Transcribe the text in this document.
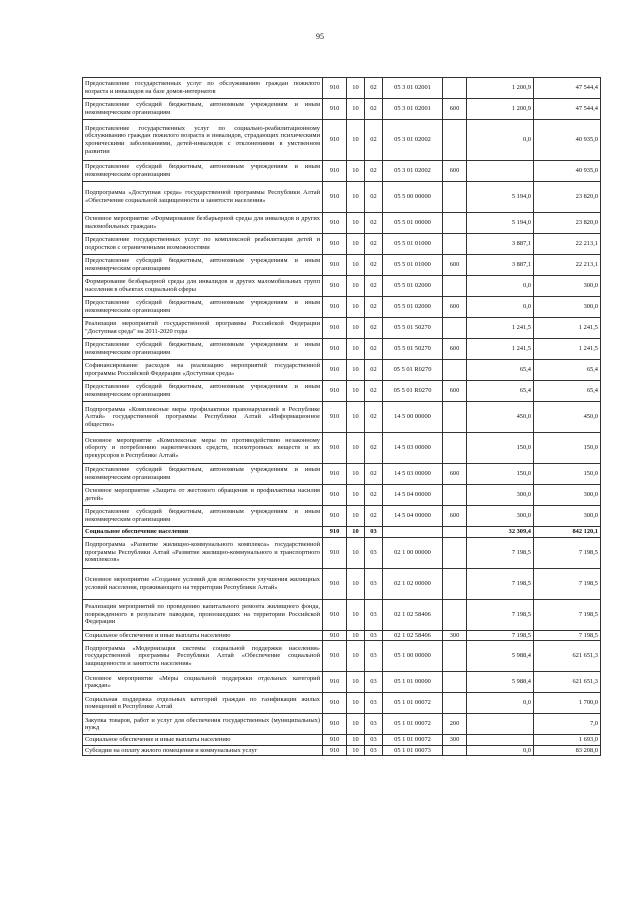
95
Предоставление государственных услуг по обслуживанию граждан пожилого возраста и инвалидов на базе домов-интернатов	910	10	02	05 3 01 02001		1 200,9	47 544,4
Предоставление субсидий бюджетным, автономным учреждениям и иным некоммерческим организациям	910	10	02	05 3 01 02001	600	1 200,9	47 544,4
Предоставление государственных услуг по социально-реабилитационному обслуживанию граждан пожилого возраста и инвалидов, страдающих психическими хроническими заболеваниями, детей-инвалидов с отклонениями в умственном развитии	910	10	02	05 3 01 02002		0,0	40 935,0
Предоставление субсидий бюджетным, автономным учреждениям и иным некоммерческим организациям	910	10	02	05 3 01 02002	600		40 935,0
Подпрограмма «Доступная среда» государственной программы Республики Алтай «Обеспечение социальной защищенности и занятости населения»	910	10	02	05 5 00 00000		5 194,0	23 820,0
Основное мероприятие «Формирование безбарьерной среды для инвалидов и других маломобильных граждан»	910	10	02	05 5 01 00000		5 194,0	23 820,0
Предоставление государственных услуг по комплексной реабилитации детей и подростков с ограниченными возможностями	910	10	02	05 5 01 01000		3 887,1	22 213,1
Предоставление субсидий бюджетным, автономным учреждениям и иным некоммерческим организациям	910	10	02	05 5 01 01000	600	3 887,1	22 213,1
Формирование безбарьерной среды для инвалидов и других маломобильных групп населения в объектах социальной сферы	910	10	02	05 5 01 02000		0,0	300,0
Предоставление субсидий бюджетным, автономным учреждениям и иным некоммерческим организациям	910	10	02	05 5 01 02000	600	0,0	300,0
Реализация мероприятий государственной программы Российской Федерации "Доступная среда" на 2011-2020 годы	910	10	02	05 5 01 50270		1 241,5	1 241,5
Предоставление субсидий бюджетным, автономным учреждениям и иным некоммерческим организациям	910	10	02	05 5 01 50270	600	1 241,5	1 241,5
Софинансирование расходов на реализацию мероприятий государственной программы Российской Федерации «Доступная среда»	910	10	02	05 5 01 R0270		65,4	65,4
Предоставление субсидий бюджетным, автономным учреждениям и иным некоммерческим организациям	910	10	02	05 5 01 R0270	600	65,4	65,4
Подпрограмма «Комплексные меры профилактики правонарушений в Республике Алтай» государственной программы Республики Алтай «Информационное общество»	910	10	02	14 5 00 00000		450,0	450,0
Основное мероприятие «Комплексные меры по противодействию незаконному обороту и потреблению наркотических средств, психотропных веществ и их прекурсоров в Республике Алтай»	910	10	02	14 5 03 00000		150,0	150,0
Предоставление субсидий бюджетным, автономным учреждениям и иным некоммерческим организациям	910	10	02	14 5 03 00000	600	150,0	150,0
Основное мероприятие «Защита от жестокого обращения и профилактика насилия детей»	910	10	02	14 5 04 00000		300,0	300,0
Предоставление субсидий бюджетным, автономным учреждениям и иным некоммерческим организациям	910	10	02	14 5 04 00000	600	300,0	300,0
Социальное обеспечение населения	910	10	03			32 309,4	842 120,1
Подпрограмма «Развитие жилищно-коммунального комплекса» государственной программы Республики Алтай «Развитие жилищно-коммунального и транспортного комплексов»	910	10	03	02 1 00 00000		7 198,5	7 198,5
Основное мероприятие «Создание условий для возможности улучшения жилищных условий населения, проживающего на территории Республики Алтай»	910	10	03	02 1 02 00000		7 198,5	7 198,5
Реализация мероприятий по проведению капитального ремонта жилищного фонда, поврежденного в результате паводков, произошедших на территории Российской Федерации	910	10	03	02 1 02 58406		7 198,5	7 198,5
Социальное обеспечение и иные выплаты населению	910	10	03	02 1 02 58406	300	7 198,5	7 198,5
Подпрограмма «Модернизация системы социальной поддержки населения» государственной программы Республики Алтай «Обеспечение социальной защищенности и занятости населения»	910	10	03	05 1 00 00000		5 988,4	621 651,3
Основное мероприятие «Меры социальной поддержки отдельных категорий граждан»	910	10	03	05 1 01 00000		5 988,4	621 651,3
Социальная поддержка отдельных категорий граждан по газификации жилых помещений в Республике Алтай	910	10	03	05 1 01 00072		0,0	1 700,0
Закупка товаров, работ и услуг для обеспечения государственных (муниципальных) нужд	910	10	03	05 1 01 00072	200		7,0
Социальное обеспечение и иные выплаты населению	910	10	03	05 1 01 00072	300		1 693,0
Субсидии на оплату жилого помещения и коммунальных услуг	910	10	03	05 1 01 00073		0,0	83 208,0
